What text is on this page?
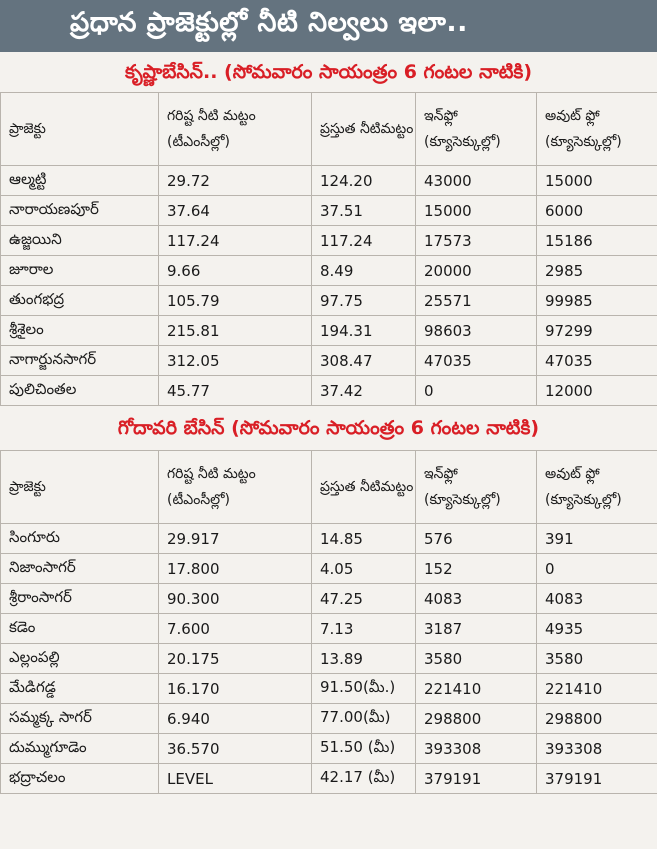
ప్రధాన ప్రాజెక్టుల్లో నీటి నిల్వలు ఇలా..
కృష్ణాబేసిన్.. (సోమవారం సాయంత్రం 6 గంటల నాటికి)
ప్రాజెక్టు	గరిష్ట నీటి మట్టం (టీఎంసీల్లో)	ప్రస్తుత నీటిమట్టం	ఇన్‌ఫ్లో (క్యూసెక్కుల్లో)	అవుట్ ఫ్లో (క్యూసెక్కుల్లో)
ఆల్మట్టి	29.72	124.20	43000	15000
నారాయణపూర్	37.64	37.51	15000	6000
ఉజ్జయిని	117.24	117.24	17573	15186
జూరాల	9.66	8.49	20000	2985
తుంగభద్ర	105.79	97.75	25571	99985
శ్రీశైలం	215.81	194.31	98603	97299
నాగార్జునసాగర్	312.05	308.47	47035	47035
పులిచింతల	45.77	37.42	0	12000
గోదావరి బేసిన్ (సోమవారం సాయంత్రం 6 గంటల నాటికి)
ప్రాజెక్టు	గరిష్ట నీటి మట్టం (టీఎంసీల్లో)	ప్రస్తుత నీటిమట్టం	ఇన్‌ఫ్లో (క్యూసెక్కుల్లో)	అవుట్ ఫ్లో (క్యూసెక్కుల్లో)
సింగూరు	29.917	14.85	576	391
నిజాంసాగర్	17.800	4.05	152	0
శ్రీరాంసాగర్	90.300	47.25	4083	4083
కడెం	7.600	7.13	3187	4935
ఎల్లంపల్లి	20.175	13.89	3580	3580
మేడిగడ్డ	16.170	91.50(మీ.)	221410	221410
సమ్మక్క సాగర్	6.940	77.00(మీ)	298800	298800
దుమ్ముగూడెం	36.570	51.50 (మీ)	393308	393308
భద్రాచలం	LEVEL	42.17 (మీ)	379191	379191
